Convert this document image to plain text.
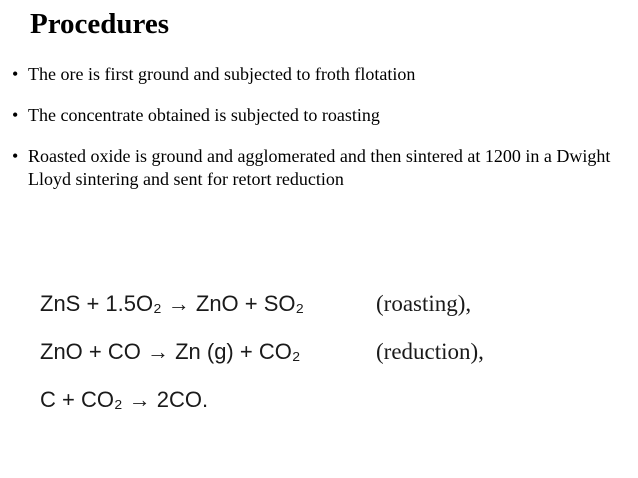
Procedures
• The ore is first ground and subjected to froth flotation
• The concentrate obtained is subjected to roasting
• Roasted oxide is ground and agglomerated and then sintered at 1200 in a Dwight Lloyd sintering and sent for retort reduction
ZnS + 1.5O₂ → ZnO + SO₂	(roasting),
ZnO + CO → Zn (g) + CO₂	(reduction),
C + CO₂ → 2CO.
